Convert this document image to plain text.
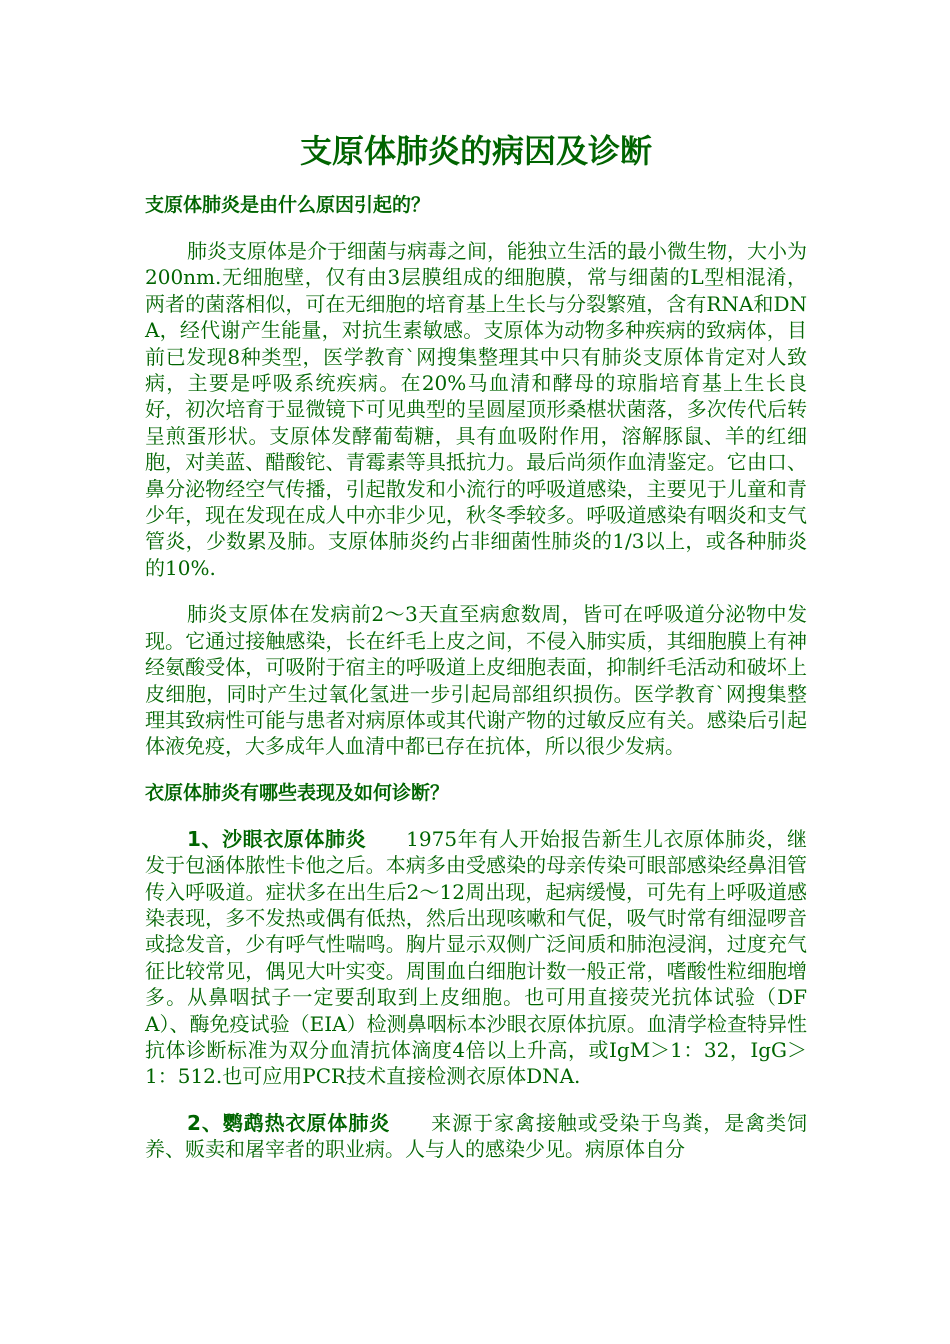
支原体肺炎的病因及诊断
支原体肺炎是由什么原因引起的？

肺炎支原体是介于细菌与病毒之间，能独立生活的最小微生物，大小为200nm.无细胞壁，仅有由3层膜组成的细胞膜，常与细菌的L型相混淆，两者的菌落相似，可在无细胞的培育基上生长与分裂繁殖，含有RNA和DNA，经代谢产生能量，对抗生素敏感。支原体为动物多种疾病的致病体，目前已发现8种类型，医学教育`网搜集整理其中只有肺炎支原体肯定对人致病，主要是呼吸系统疾病。在20%马血清和酵母的琼脂培育基上生长良好，初次培育于显微镜下可见典型的呈圆屋顶形桑椹状菌落，多次传代后转呈煎蛋形状。支原体发酵葡萄糖，具有血吸附作用，溶解豚鼠、羊的红细胞，对美蓝、醋酸铊、青霉素等具抵抗力。最后尚须作血清鉴定。它由口、鼻分泌物经空气传播，引起散发和小流行的呼吸道感染，主要见于儿童和青少年，现在发现在成人中亦非少见，秋冬季较多。呼吸道感染有咽炎和支气管炎，少数累及肺。支原体肺炎约占非细菌性肺炎的1/3以上，或各种肺炎的10%.

肺炎支原体在发病前2～3天直至病愈数周，皆可在呼吸道分泌物中发现。它通过接触感染，长在纤毛上皮之间，不侵入肺实质，其细胞膜上有神经氨酸受体，可吸附于宿主的呼吸道上皮细胞表面，抑制纤毛活动和破坏上皮细胞，同时产生过氧化氢进一步引起局部组织损伤。医学教育`网搜集整理其致病性可能与患者对病原体或其代谢产物的过敏反应有关。感染后引起体液免疫，大多成年人血清中都已存在抗体，所以很少发病。

衣原体肺炎有哪些表现及如何诊断？

1、沙眼衣原体肺炎 1975年有人开始报告新生儿衣原体肺炎，继发于包涵体脓性卡他之后。本病多由受感染的母亲传染可眼部感染经鼻泪管传入呼吸道。症状多在出生后2～12周出现，起病缓慢，可先有上呼吸道感染表现，多不发热或偶有低热，然后出现咳嗽和气促，吸气时常有细湿啰音或捻发音，少有呼气性喘鸣。胸片显示双侧广泛间质和肺泡浸润，过度充气征比较常见，偶见大叶实变。周围血白细胞计数一般正常，嗜酸性粒细胞增多。从鼻咽拭子一定要刮取到上皮细胞。也可用直接荧光抗体试验（DFA）、酶免疫试验（EIA）检测鼻咽标本沙眼衣原体抗原。血清学检查特异性抗体诊断标准为双分血清抗体滴度4倍以上升高，或IgM＞1：32，IgG＞1：512.也可应用PCR技术直接检测衣原体DNA.

2、鹦鹉热衣原体肺炎 来源于家禽接触或受染于鸟粪，是禽类饲养、贩卖和屠宰者的职业病。人与人的感染少见。病原体自分
